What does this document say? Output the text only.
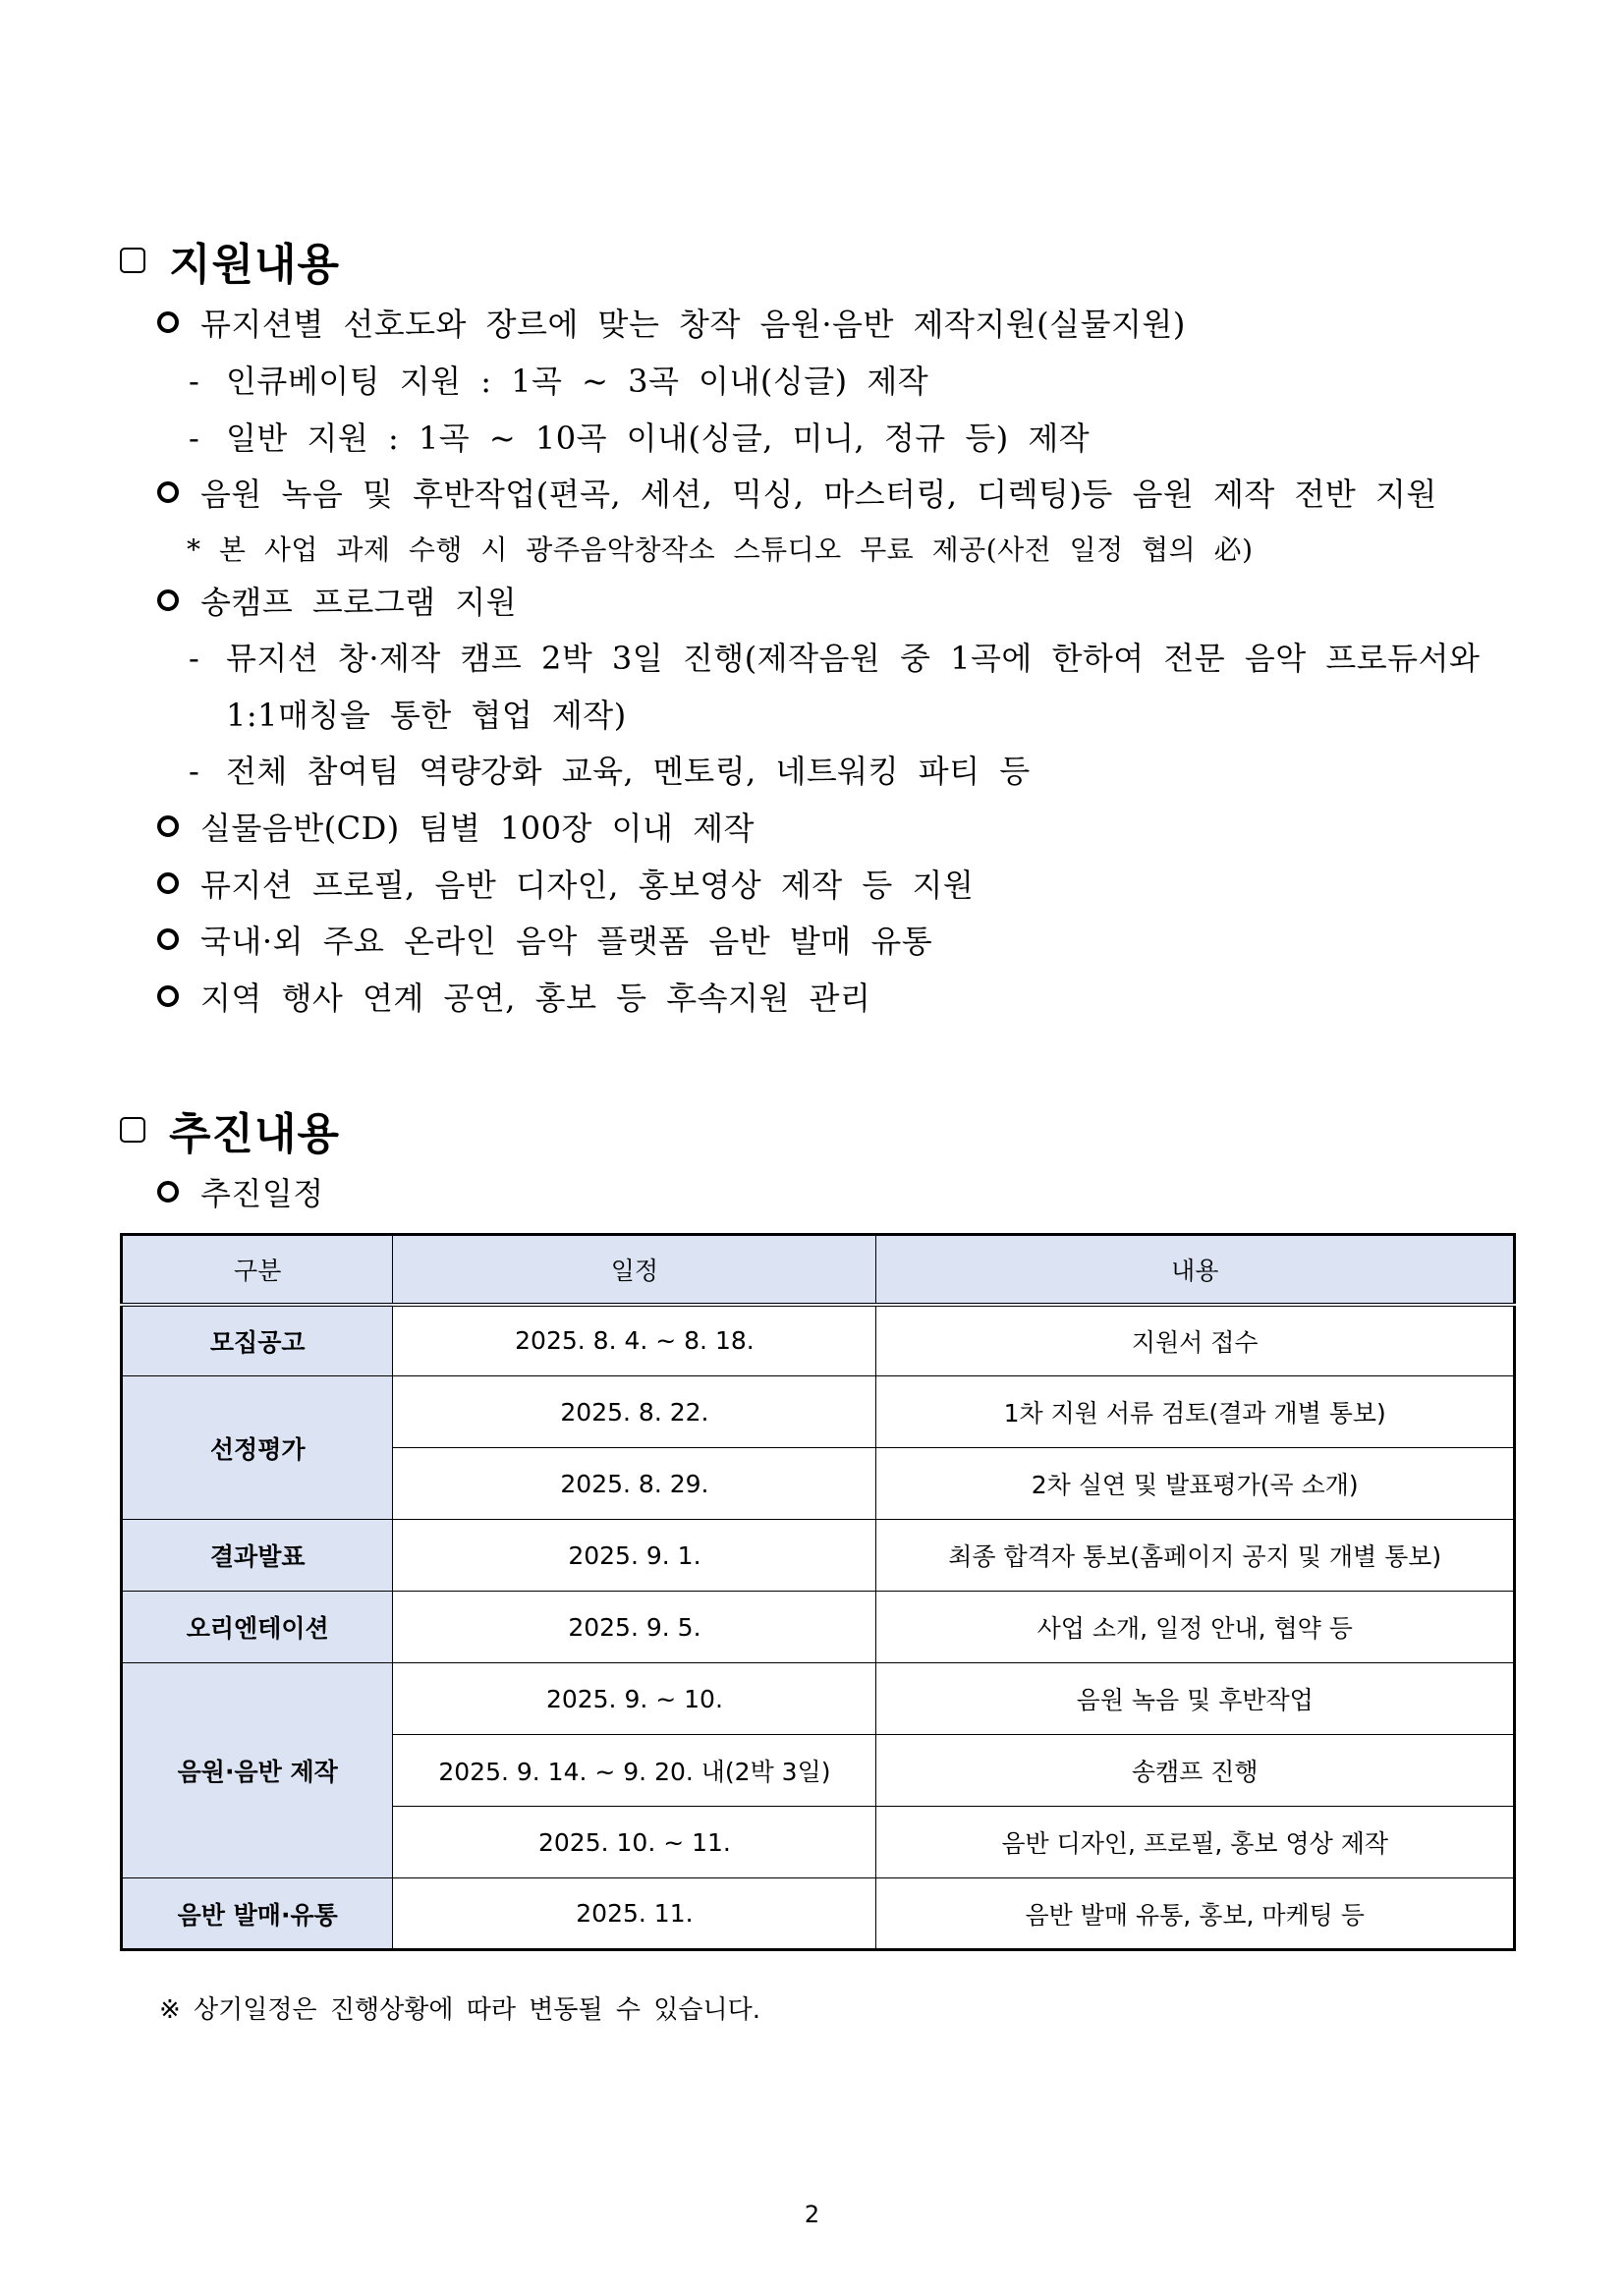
지원내용
뮤지션별 선호도와 장르에 맞는 창작 음원·음반 제작지원(실물지원)
- 인큐베이팅 지원 : 1곡 ~ 3곡 이내(싱글) 제작
- 일반 지원 : 1곡 ~ 10곡 이내(싱글, 미니, 정규 등) 제작
음원 녹음 및 후반작업(편곡, 세션, 믹싱, 마스터링, 디렉팅)등 음원 제작 전반 지원
* 본 사업 과제 수행 시 광주음악창작소 스튜디오 무료 제공(사전 일정 협의 必)
송캠프 프로그램 지원
- 뮤지션 창·제작 캠프 2박 3일 진행(제작음원 중 1곡에 한하여 전문 음악 프로듀서와
1:1매칭을 통한 협업 제작)
- 전체 참여팀 역량강화 교육, 멘토링, 네트워킹 파티 등
실물음반(CD) 팀별 100장 이내 제작
뮤지션 프로필, 음반 디자인, 홍보영상 제작 등 지원
국내·외 주요 온라인 음악 플랫폼 음반 발매 유통
지역 행사 연계 공연, 홍보 등 후속지원 관리
추진내용
추진일정
구분	일정	내용
모집공고	2025. 8. 4. ~ 8. 18.	지원서 접수
선정평가	2025. 8. 22.	1차 지원 서류 검토(결과 개별 통보)
	2025. 8. 29.	2차 실연 및 발표평가(곡 소개)
결과발표	2025. 9. 1.	최종 합격자 통보(홈페이지 공지 및 개별 통보)
오리엔테이션	2025. 9. 5.	사업 소개, 일정 안내, 협약 등
음원·음반 제작	2025. 9. ~ 10.	음원 녹음 및 후반작업
	2025. 9. 14. ~ 9. 20. 내(2박 3일)	송캠프 진행
	2025. 10. ~ 11.	음반 디자인, 프로필, 홍보 영상 제작
음반 발매·유통	2025. 11.	음반 발매 유통, 홍보, 마케팅 등
※ 상기일정은 진행상황에 따라 변동될 수 있습니다.
2
